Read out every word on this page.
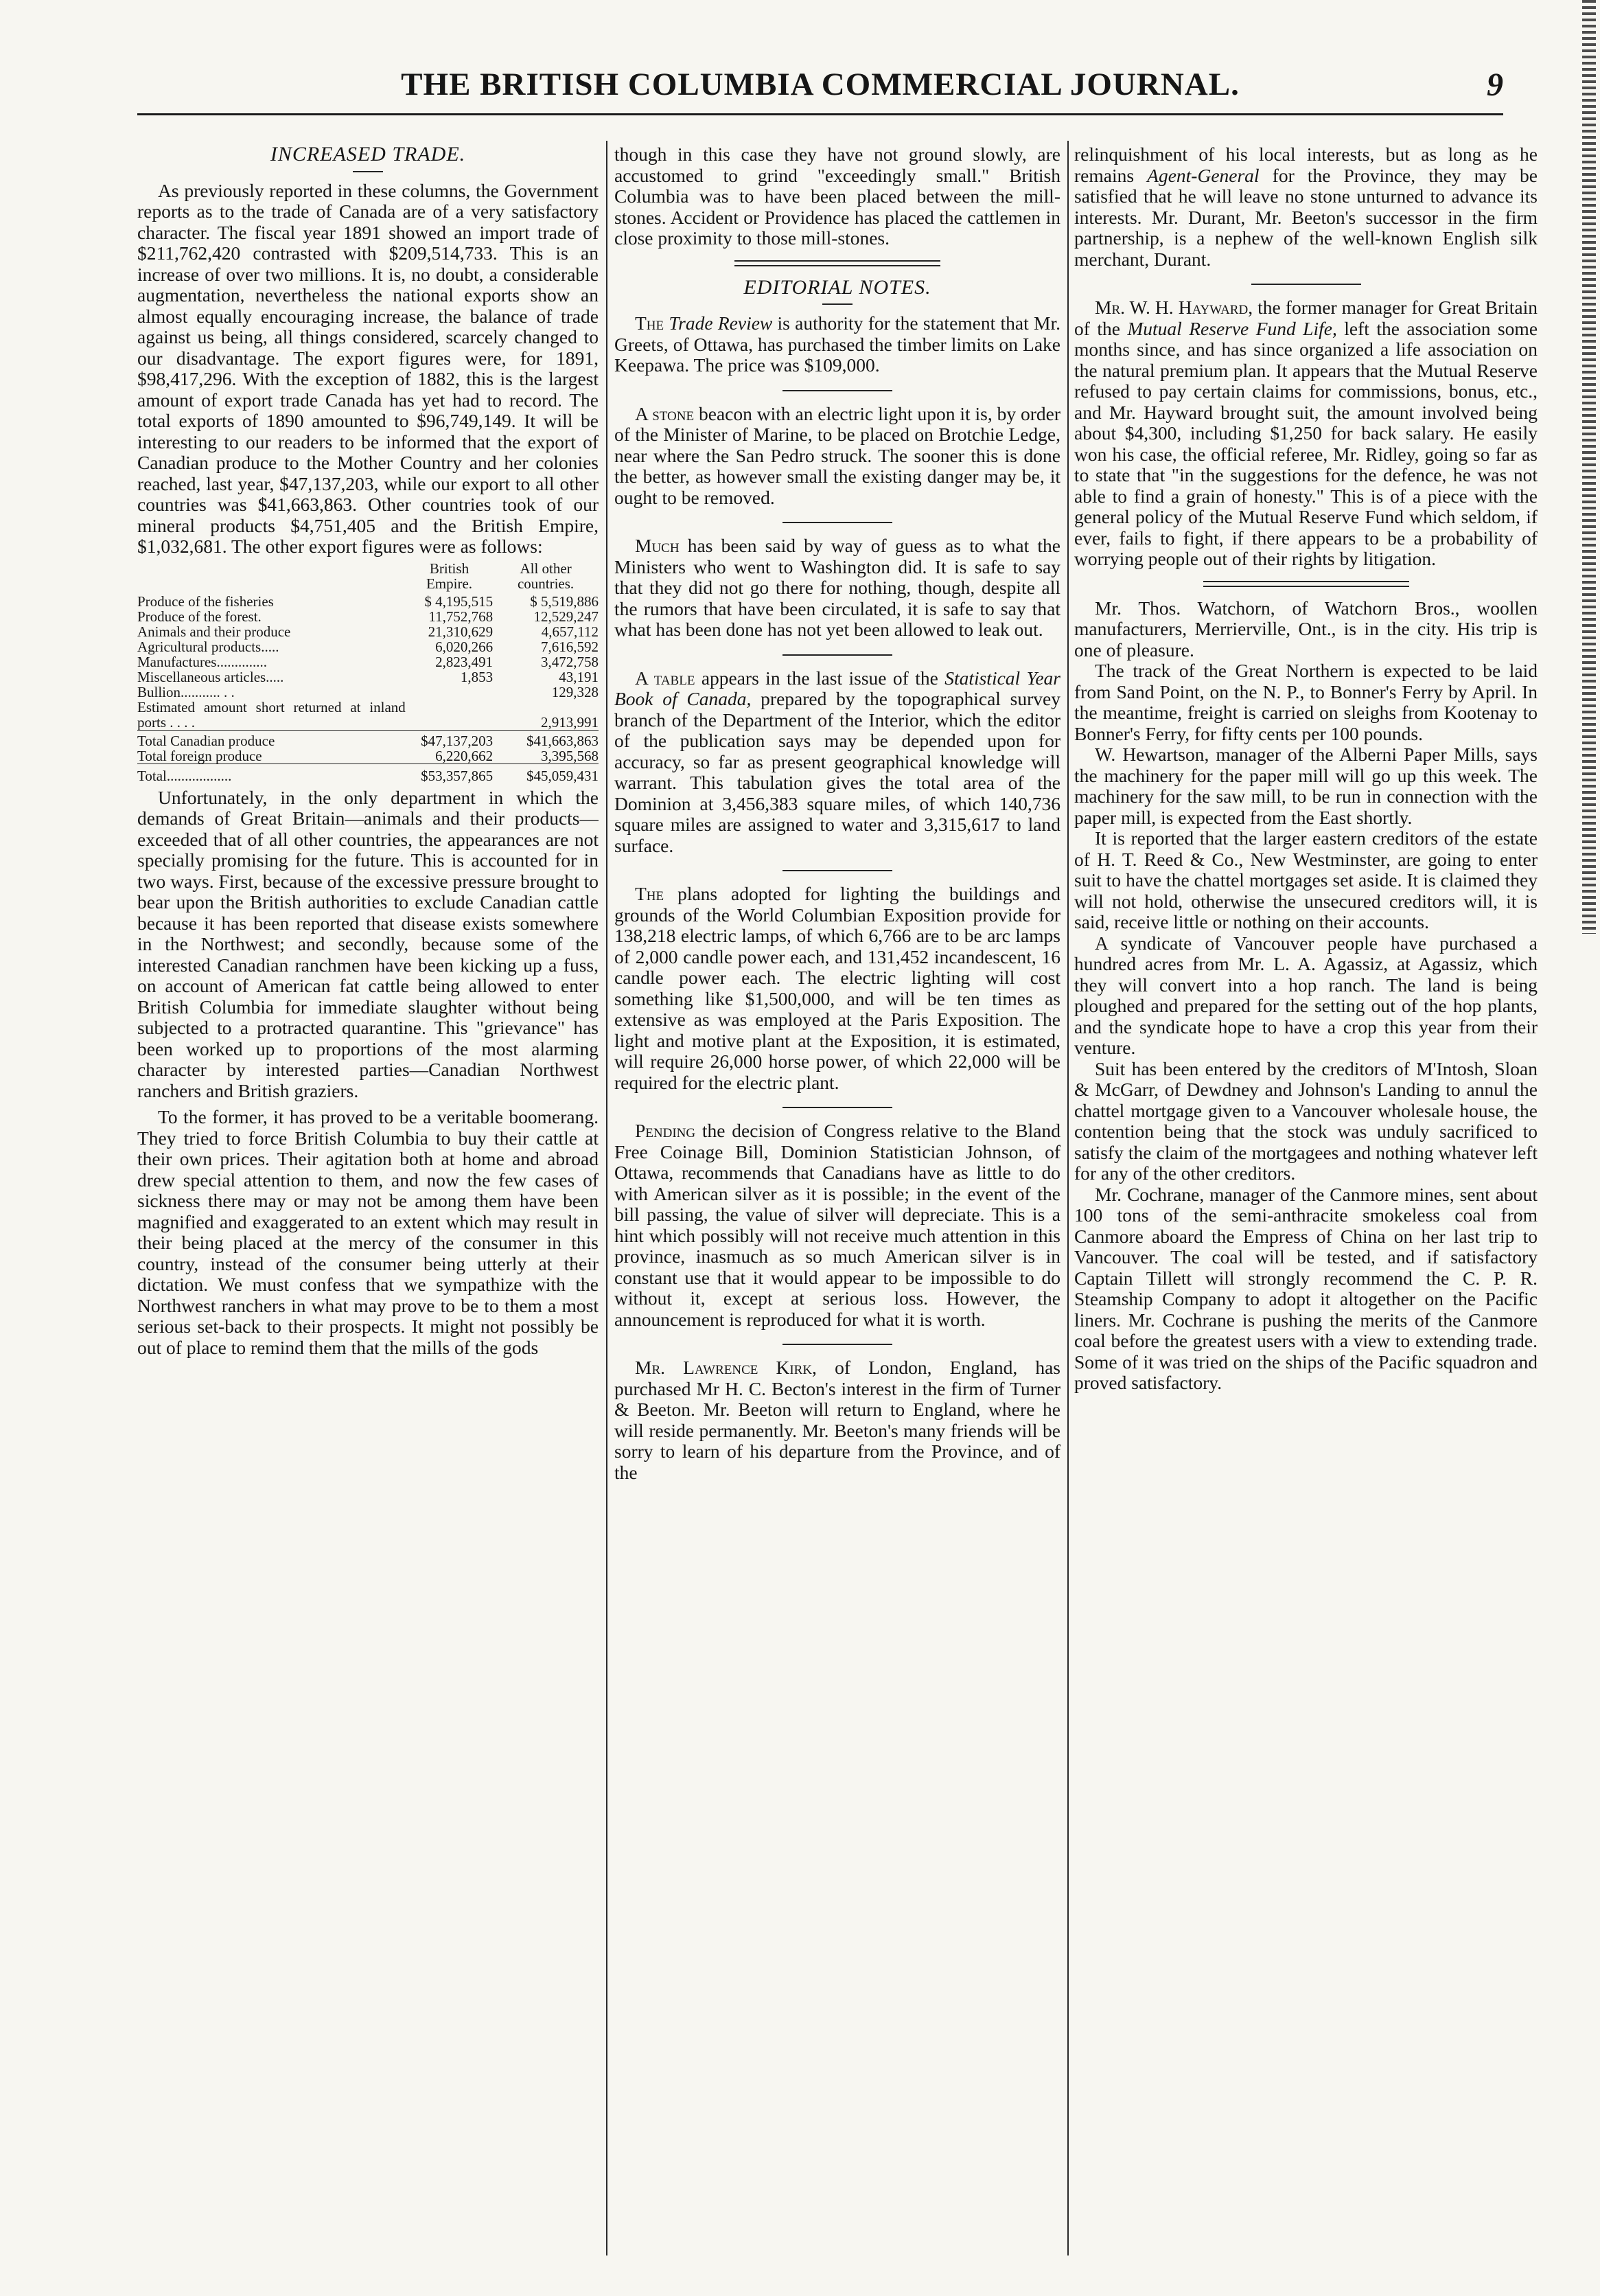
THE BRITISH COLUMBIA COMMERCIAL JOURNAL.	9
INCREASED TRADE.

As previously reported in these columns, the Government reports as to the trade of Canada are of a very satisfactory character. The fiscal year 1891 showed an import trade of $211,762,420 contrasted with $209,514,733. This is an increase of over two millions. It is, no doubt, a considerable augmentation, nevertheless the national exports show an almost equally encouraging increase, the balance of trade against us being, all things considered, scarcely changed to our disadvantage. The export figures were, for 1891, $98,417,296. With the exception of 1882, this is the largest amount of export trade Canada has yet had to record. The total exports of 1890 amounted to $96,749,149. It will be interesting to our readers to be informed that the export of Canadian produce to the Mother Country and her colonies reached, last year, $47,137,203, while our export to all other countries was $41,663,863. Other countries took of our mineral products $4,751,405 and the British Empire, $1,032,681. The other export figures were as follows:

	British Empire.	All other countries.
Produce of the fisheries	$ 4,195,515	$ 5,519,886
Produce of the forest.	11,752,768	12,529,247
Animals and their produce	21,310,629	4,657,112
Agricultural products.....	6,020,266	7,616,592
Manufactures..............	2,823,491	3,472,758
Miscellaneous articles.....	1,853	43,191
Bullion........... . .		129,328
Estimated amount short returned at inland ports . . . .		2,913,991
Total Canadian produce	$47,137,203	$41,663,863
Total foreign produce	6,220,662	3,395,568
Total..................	$53,357,865	$45,059,431

Unfortunately, in the only department in which the demands of Great Britain—animals and their products—exceeded that of all other countries, the appearances are not specially promising for the future. This is accounted for in two ways. First, because of the excessive pressure brought to bear upon the British authorities to exclude Canadian cattle because it has been reported that disease exists somewhere in the Northwest; and secondly, because some of the interested Canadian ranchmen have been kicking up a fuss, on account of American fat cattle being allowed to enter British Columbia for immediate slaughter without being subjected to a protracted quarantine. This "grievance" has been worked up to proportions of the most alarming character by interested parties—Canadian Northwest ranchers and British graziers.

To the former, it has proved to be a veritable boomerang. They tried to force British Columbia to buy their cattle at their own prices. Their agitation both at home and abroad drew special attention to them, and now the few cases of sickness there may or may not be among them have been magnified and exaggerated to an extent which may result in their being placed at the mercy of the consumer in this country, instead of the consumer being utterly at their dictation. We must confess that we sympathize with the Northwest ranchers in what may prove to be to them a most serious set-back to their prospects. It might not possibly be out of place to remind them that the mills of the gods

though in this case they have not ground slowly, are accustomed to grind "exceedingly small." British Columbia was to have been placed between the mill-stones. Accident or Providence has placed the cattlemen in close proximity to those mill-stones.

EDITORIAL NOTES.

The Trade Review is authority for the statement that Mr. Greets, of Ottawa, has purchased the timber limits on Lake Keepawa. The price was $109,000.

A stone beacon with an electric light upon it is, by order of the Minister of Marine, to be placed on Brotchie Ledge, near where the San Pedro struck. The sooner this is done the better, as however small the existing danger may be, it ought to be removed.

Much has been said by way of guess as to what the Ministers who went to Washington did. It is safe to say that they did not go there for nothing, though, despite all the rumors that have been circulated, it is safe to say that what has been done has not yet been allowed to leak out.

A table appears in the last issue of the Statistical Year Book of Canada, prepared by the topographical survey branch of the Department of the Interior, which the editor of the publication says may be depended upon for accuracy, so far as present geographical knowledge will warrant. This tabulation gives the total area of the Dominion at 3,456,383 square miles, of which 140,736 square miles are assigned to water and 3,315,617 to land surface.

The plans adopted for lighting the buildings and grounds of the World Columbian Exposition provide for 138,218 electric lamps, of which 6,766 are to be arc lamps of 2,000 candle power each, and 131,452 incandescent, 16 candle power each. The electric lighting will cost something like $1,500,000, and will be ten times as extensive as was employed at the Paris Exposition. The light and motive plant at the Exposition, it is estimated, will require 26,000 horse power, of which 22,000 will be required for the electric plant.

Pending the decision of Congress relative to the Bland Free Coinage Bill, Dominion Statistician Johnson, of Ottawa, recommends that Canadians have as little to do with American silver as it is possible; in the event of the bill passing, the value of silver will depreciate. This is a hint which possibly will not receive much attention in this province, inasmuch as so much American silver is in constant use that it would appear to be impossible to do without it, except at serious loss. However, the announcement is reproduced for what it is worth.

Mr. Lawrence Kirk, of London, England, has purchased Mr H. C. Becton's interest in the firm of Turner & Beeton. Mr. Beeton will return to England, where he will reside permanently. Mr. Beeton's many friends will be sorry to learn of his departure from the Province, and of the

relinquishment of his local interests, but as long as he remains Agent-General for the Province, they may be satisfied that he will leave no stone unturned to advance its interests. Mr. Durant, Mr. Beeton's successor in the firm partnership, is a nephew of the well-known English silk merchant, Durant.

Mr. W. H. Hayward, the former manager for Great Britain of the Mutual Reserve Fund Life, left the association some months since, and has since organized a life association on the natural premium plan. It appears that the Mutual Reserve refused to pay certain claims for commissions, bonus, etc., and Mr. Hayward brought suit, the amount involved being about $4,300, including $1,250 for back salary. He easily won his case, the official referee, Mr. Ridley, going so far as to state that "in the suggestions for the defence, he was not able to find a grain of honesty." This is of a piece with the general policy of the Mutual Reserve Fund which seldom, if ever, fails to fight, if there appears to be a probability of worrying people out of their rights by litigation.

Mr. Thos. Watchorn, of Watchorn Bros., woollen manufacturers, Merrierville, Ont., is in the city. His trip is one of pleasure.

The track of the Great Northern is expected to be laid from Sand Point, on the N. P., to Bonner's Ferry by April. In the meantime, freight is carried on sleighs from Kootenay to Bonner's Ferry, for fifty cents per 100 pounds.

W. Hewartson, manager of the Alberni Paper Mills, says the machinery for the paper mill will go up this week. The machinery for the saw mill, to be run in connection with the paper mill, is expected from the East shortly.

It is reported that the larger eastern creditors of the estate of H. T. Reed & Co., New Westminster, are going to enter suit to have the chattel mortgages set aside. It is claimed they will not hold, otherwise the unsecured creditors will, it is said, receive little or nothing on their accounts.

A syndicate of Vancouver people have purchased a hundred acres from Mr. L. A. Agassiz, at Agassiz, which they will convert into a hop ranch. The land is being ploughed and prepared for the setting out of the hop plants, and the syndicate hope to have a crop this year from their venture.

Suit has been entered by the creditors of M'Intosh, Sloan & McGarr, of Dewdney and Johnson's Landing to annul the chattel mortgage given to a Vancouver wholesale house, the contention being that the stock was unduly sacrificed to satisfy the claim of the mortgagees and nothing whatever left for any of the other creditors.

Mr. Cochrane, manager of the Canmore mines, sent about 100 tons of the semi-anthracite smokeless coal from Canmore aboard the Empress of China on her last trip to Vancouver. The coal will be tested, and if satisfactory Captain Tillett will strongly recommend the C. P. R. Steamship Company to adopt it altogether on the Pacific liners. Mr. Cochrane is pushing the merits of the Canmore coal before the greatest users with a view to extending trade. Some of it was tried on the ships of the Pacific squadron and proved satisfactory.
